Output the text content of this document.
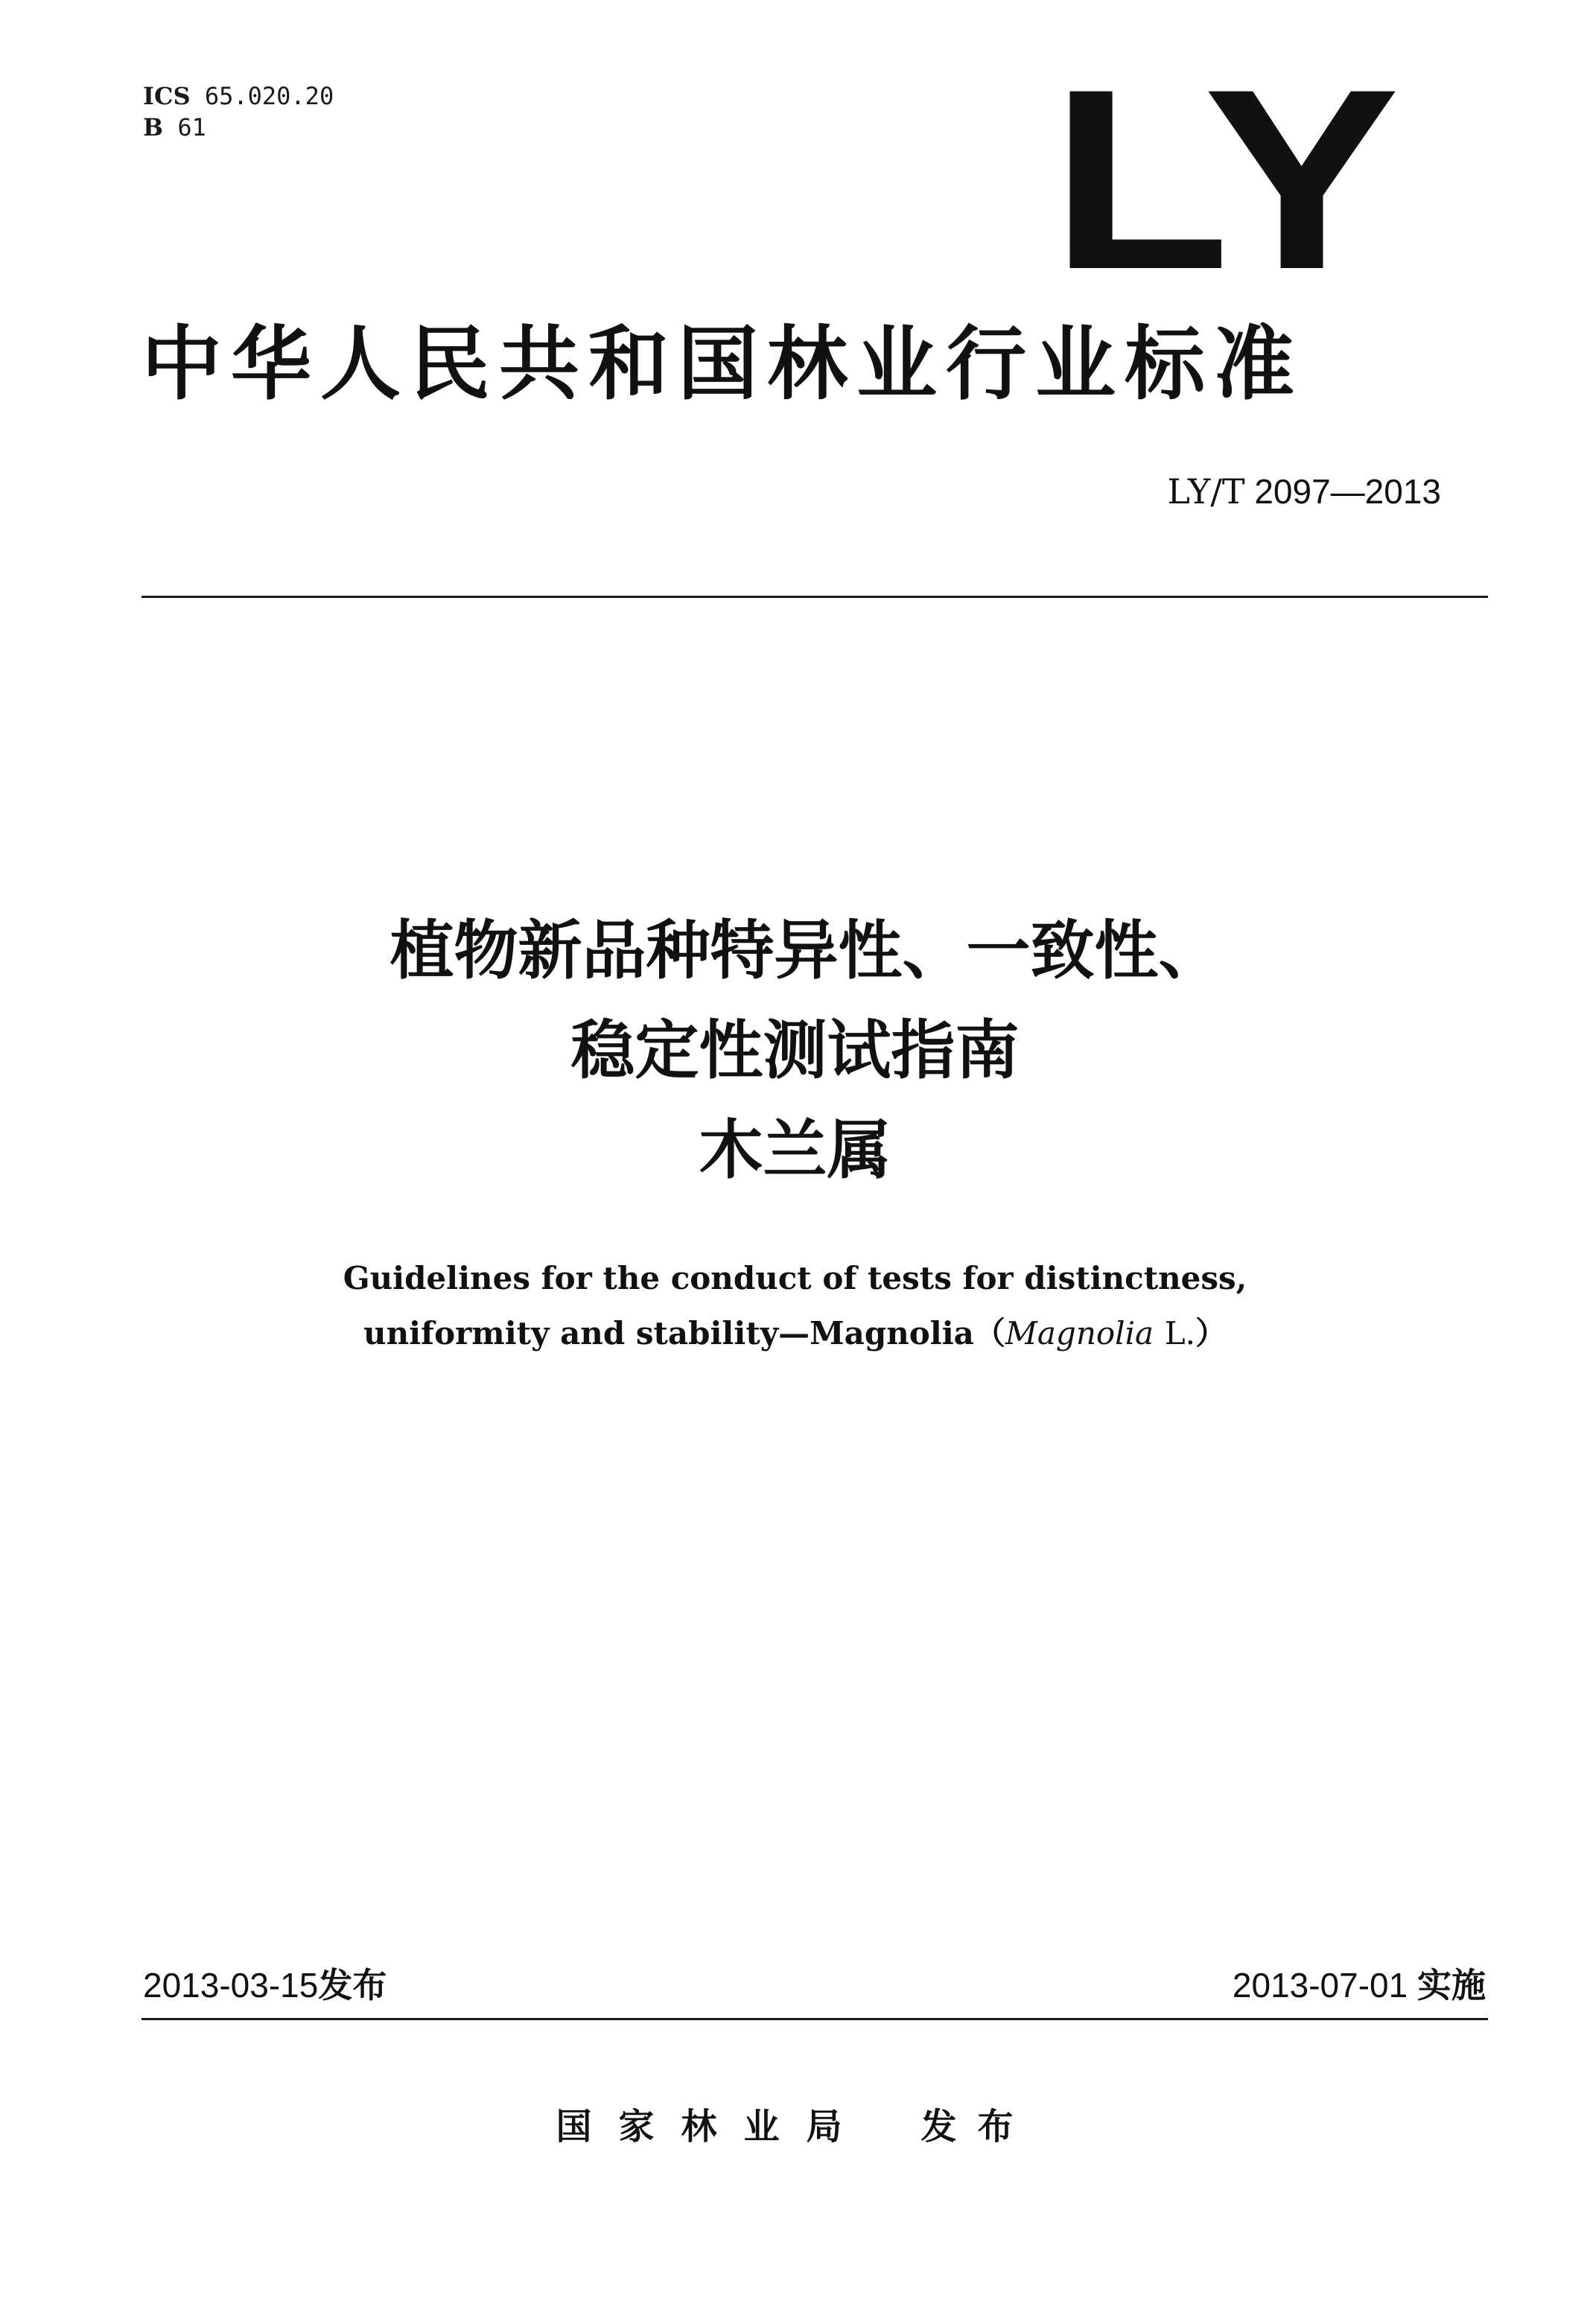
ICS 65.020.20
B 61	LY
中华人民共和国林业行业标准
LY/T 2097—2013
植物新品种特异性、一致性、
稳定性测试指南
木兰属
Guidelines for the conduct of tests for distinctness,
uniformity and stability—Magnolia（Magnolia L.）
2013-03-15发布	2013-07-01 实施
国家林业局 发布
